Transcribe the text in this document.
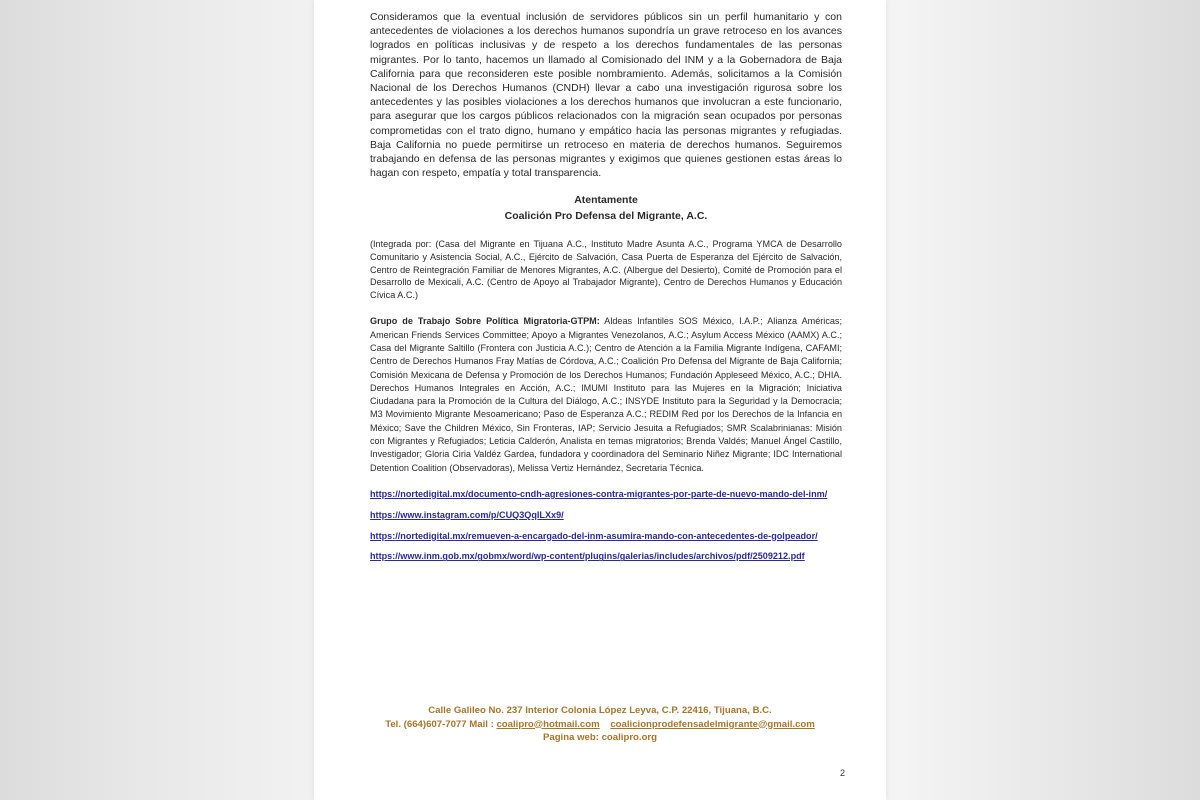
Consideramos que la eventual inclusión de servidores públicos sin un perfil humanitario y con antecedentes de violaciones a los derechos humanos supondría un grave retroceso en los avances logrados en políticas inclusivas y de respeto a los derechos fundamentales de las personas migrantes. Por lo tanto, hacemos un llamado al Comisionado del INM y a la Gobernadora de Baja California para que reconsideren este posible nombramiento. Además, solicitamos a la Comisión Nacional de los Derechos Humanos (CNDH) llevar a cabo una investigación rigurosa sobre los antecedentes y las posibles violaciones a los derechos humanos que involucran a este funcionario, para asegurar que los cargos públicos relacionados con la migración sean ocupados por personas comprometidas con el trato digno, humano y empático hacia las personas migrantes y refugiadas. Baja California no puede permitirse un retroceso en materia de derechos humanos. Seguiremos trabajando en defensa de las personas migrantes y exigimos que quienes gestionen estas áreas lo hagan con respeto, empatía y total transparencia.

Atentamente
Coalición Pro Defensa del Migrante, A.C.

(Integrada por: (Casa del Migrante en Tijuana A.C., Instituto Madre Asunta A.C., Programa YMCA de Desarrollo Comunitario y Asistencia Social, A.C., Ejército de Salvación, Casa Puerta de Esperanza del Ejército de Salvación, Centro de Reintegración Familiar de Menores Migrantes, A.C. (Albergue del Desierto), Comité de Promoción para el Desarrollo de Mexicali, A.C. (Centro de Apoyo al Trabajador Migrante), Centro de Derechos Humanos y Educación Cívica A.C.)

Grupo de Trabajo Sobre Política Migratoria-GTPM: Aldeas Infantiles SOS México, I.A.P.; Alianza Américas; American Friends Services Committee; Apoyo a Migrantes Venezolanos, A.C.; Asylum Access México (AAMX) A.C.; Casa del Migrante Saltillo (Frontera con Justicia A.C.); Centro de Atención a la Familia Migrante Indígena, CAFAMI; Centro de Derechos Humanos Fray Matías de Córdova, A.C.; Coalición Pro Defensa del Migrante de Baja California; Comisión Mexicana de Defensa y Promoción de los Derechos Humanos; Fundación Appleseed México, A.C.; DHIA. Derechos Humanos Integrales en Acción, A.C.; IMUMI Instituto para las Mujeres en la Migración; Iniciativa Ciudadana para la Promoción de la Cultura del Diálogo, A.C.; INSYDE Instituto para la Seguridad y la Democracia; M3 Movimiento Migrante Mesoamericano; Paso de Esperanza A.C.; REDIM Red por los Derechos de la Infancia en México; Save the Children México, Sin Fronteras, IAP; Servicio Jesuita a Refugiados; SMR Scalabrinianas: Misión con Migrantes y Refugiados; Leticia Calderón, Analista en temas migratorios; Brenda Valdés; Manuel Ángel Castillo, Investigador; Gloria Ciria Valdéz Gardea, fundadora y coordinadora del Seminario Niñez Migrante; IDC International Detention Coalition (Observadoras), Melissa Vertiz Hernández, Secretaria Técnica.

https://nortedigital.mx/documento-cndh-agresiones-contra-migrantes-por-parte-de-nuevo-mando-del-inm/
https://www.instagram.com/p/CUQ3QqILXx9/
https://nortedigital.mx/remueven-a-encargado-del-inm-asumira-mando-con-antecedentes-de-golpeador/
https://www.inm.gob.mx/gobmx/word/wp-content/plugins/galerias/includes/archivos/pdf/2509212.pdf
Calle Galileo No. 237 Interior Colonia López Leyva, C.P. 22416, Tijuana, B.C.
Tel. (664)607-7077 Mail : coalipro@hotmail.com coalicionprodefensadelmigrante@gmail.com
Pagina web: coalipro.org
2
